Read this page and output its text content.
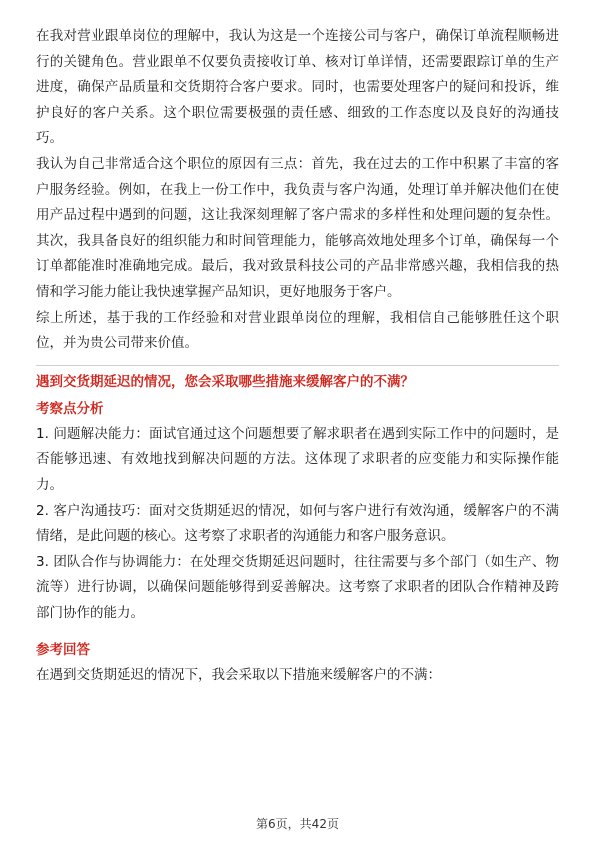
在我对营业跟单岗位的理解中，我认为这是一个连接公司与客户，确保订单流程顺畅进行的关键角色。营业跟单不仅要负责接收订单、核对订单详情，还需要跟踪订单的生产进度，确保产品质量和交货期符合客户要求。同时，也需要处理客户的疑问和投诉，维护良好的客户关系。这个职位需要极强的责任感、细致的工作态度以及良好的沟通技巧。

我认为自己非常适合这个职位的原因有三点：首先，我在过去的工作中积累了丰富的客户服务经验。例如，在我上一份工作中，我负责与客户沟通，处理订单并解决他们在使用产品过程中遇到的问题，这让我深刻理解了客户需求的多样性和处理问题的复杂性。其次，我具备良好的组织能力和时间管理能力，能够高效地处理多个订单，确保每一个订单都能准时准确地完成。最后，我对致景科技公司的产品非常感兴趣，我相信我的热情和学习能力能让我快速掌握产品知识，更好地服务于客户。

综上所述，基于我的工作经验和对营业跟单岗位的理解，我相信自己能够胜任这个职位，并为贵公司带来价值。

遇到交货期延迟的情况，您会采取哪些措施来缓解客户的不满？

考察点分析

1. 问题解决能力：面试官通过这个问题想要了解求职者在遇到实际工作中的问题时，是否能够迅速、有效地找到解决问题的方法。这体现了求职者的应变能力和实际操作能力。

2. 客户沟通技巧：面对交货期延迟的情况，如何与客户进行有效沟通，缓解客户的不满情绪，是此问题的核心。这考察了求职者的沟通能力和客户服务意识。

3. 团队合作与协调能力：在处理交货期延迟问题时，往往需要与多个部门（如生产、物流等）进行协调，以确保问题能够得到妥善解决。这考察了求职者的团队合作精神及跨部门协作的能力。

参考回答

在遇到交货期延迟的情况下，我会采取以下措施来缓解客户的不满：

第6页，共42页
